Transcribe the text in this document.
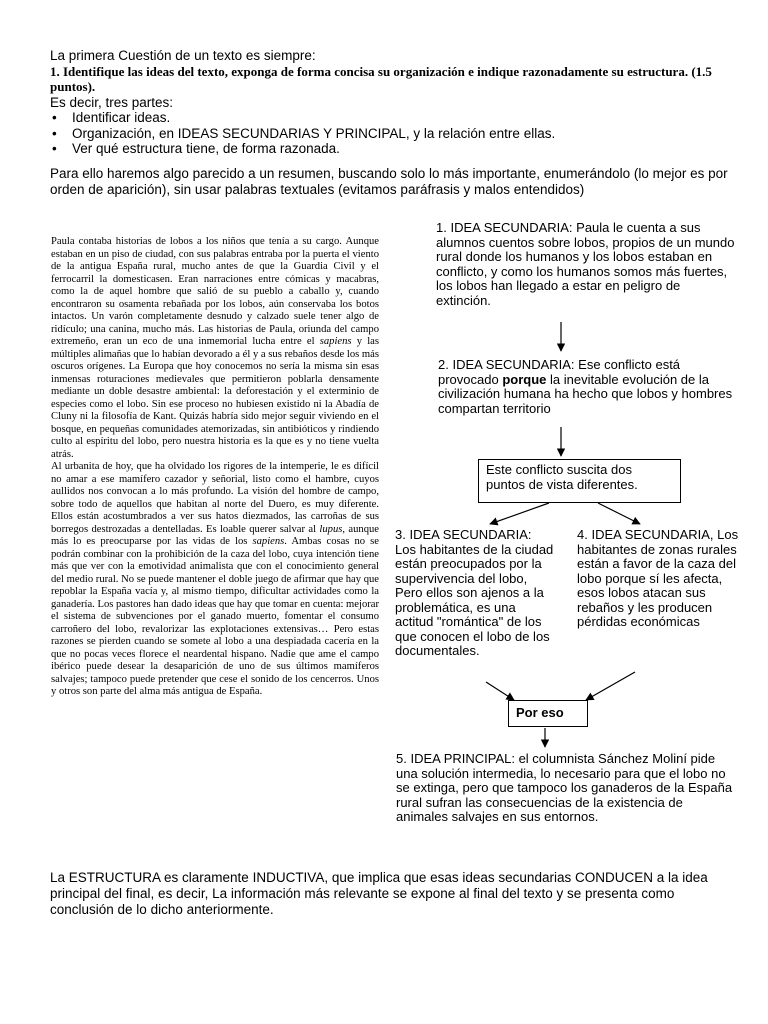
La primera Cuestión de un texto es siempre:
1. Identifique las ideas del texto, exponga de forma concisa su organización e indique razonadamente su estructura. (1.5 puntos).
Es decir, tres partes:
• Identificar ideas.
• Organización, en IDEAS SECUNDARIAS Y PRINCIPAL, y la relación entre ellas.
• Ver qué estructura tiene, de forma razonada.
Para ello haremos algo parecido a un resumen, buscando solo lo más importante, enumerándolo (lo mejor es por orden de aparición), sin usar palabras textuales (evitamos paráfrasis y malos entendidos)

Paula contaba historias de lobos a los niños que tenía a su cargo. Aunque estaban en un piso de ciudad, con sus palabras entraba por la puerta el viento de la antigua España rural, mucho antes de que la Guardia Civil y el ferrocarril la domesticasen. Eran narraciones entre cómicas y macabras, como la de aquel hombre que salió de su pueblo a caballo y, cuando encontraron su osamenta rebañada por los lobos, aún conservaba los botos intactos. Un varón completamente desnudo y calzado suele tener algo de ridículo; una canina, mucho más. Las historias de Paula, oriunda del campo extremeño, eran un eco de una inmemorial lucha entre el sapiens y las múltiples alimañas que lo habían devorado a él y a sus rebaños desde los más oscuros orígenes. La Europa que hoy conocemos no sería la misma sin esas inmensas roturaciones medievales que permitieron poblarla densamente mediante un doble desastre ambiental: la deforestación y el exterminio de especies como el lobo. Sin ese proceso no hubiesen existido ni la Abadía de Cluny ni la filosofía de Kant. Quizás habría sido mejor seguir viviendo en el bosque, en pequeñas comunidades atemorizadas, sin antibióticos y rindiendo culto al espíritu del lobo, pero nuestra historia es la que es y no tiene vuelta atrás.

Al urbanita de hoy, que ha olvidado los rigores de la intemperie, le es difícil no amar a ese mamífero cazador y señorial, listo como el hambre, cuyos aullidos nos convocan a lo más profundo. La visión del hombre de campo, sobre todo de aquellos que habitan al norte del Duero, es muy diferente. Ellos están acostumbrados a ver sus hatos diezmados, las carroñas de sus borregos destrozadas a dentelladas. Es loable querer salvar al lupus, aunque más lo es preocuparse por las vidas de los sapiens. Ambas cosas no se podrán combinar con la prohibición de la caza del lobo, cuya intención tiene más que ver con la emotividad animalista que con el conocimiento general del medio rural. No se puede mantener el doble juego de afirmar que hay que repoblar la España vacía y, al mismo tiempo, dificultar actividades como la ganadería. Los pastores han dado ideas que hay que tomar en cuenta: mejorar el sistema de subvenciones por el ganado muerto, fomentar el consumo carroñero del lobo, revalorizar las explotaciones extensivas… Pero estas razones se pierden cuando se somete al lobo a una despiadada cacería en la que no pocas veces florece el neardental hispano. Nadie que ame el campo ibérico puede desear la desaparición de uno de sus últimos mamíferos salvajes; tampoco puede pretender que cese el sonido de los cencerros. Unos y otros son parte del alma más antigua de España.

1. IDEA SECUNDARIA: Paula le cuenta a sus alumnos cuentos sobre lobos, propios de un mundo rural donde los humanos y los lobos estaban en conflicto, y como los humanos somos más fuertes, los lobos han llegado a estar en peligro de extinción.
2. IDEA SECUNDARIA: Ese conflicto está provocado porque la inevitable evolución de la civilización humana ha hecho que lobos y hombres compartan territorio
Este conflicto suscita dos puntos de vista diferentes.
3. IDEA SECUNDARIA: Los habitantes de la ciudad están preocupados por la supervivencia del lobo, Pero ellos son ajenos a la problemática, es una actitud "romántica" de los que conocen el lobo de los documentales.
4. IDEA SECUNDARIA, Los habitantes de zonas rurales están a favor de la caza del lobo porque sí les afecta, esos lobos atacan sus rebaños y les producen pérdidas económicas
Por eso
5. IDEA PRINCIPAL: el columnista Sánchez Moliní pide una solución intermedia, lo necesario para que el lobo no se extinga, pero que tampoco los ganaderos de la España rural sufran las consecuencias de la existencia de animales salvajes en sus entornos.
La ESTRUCTURA es claramente INDUCTIVA, que implica que esas ideas secundarias CONDUCEN a la idea principal del final, es decir, La información más relevante se expone al final del texto y se presenta como conclusión de lo dicho anteriormente.
